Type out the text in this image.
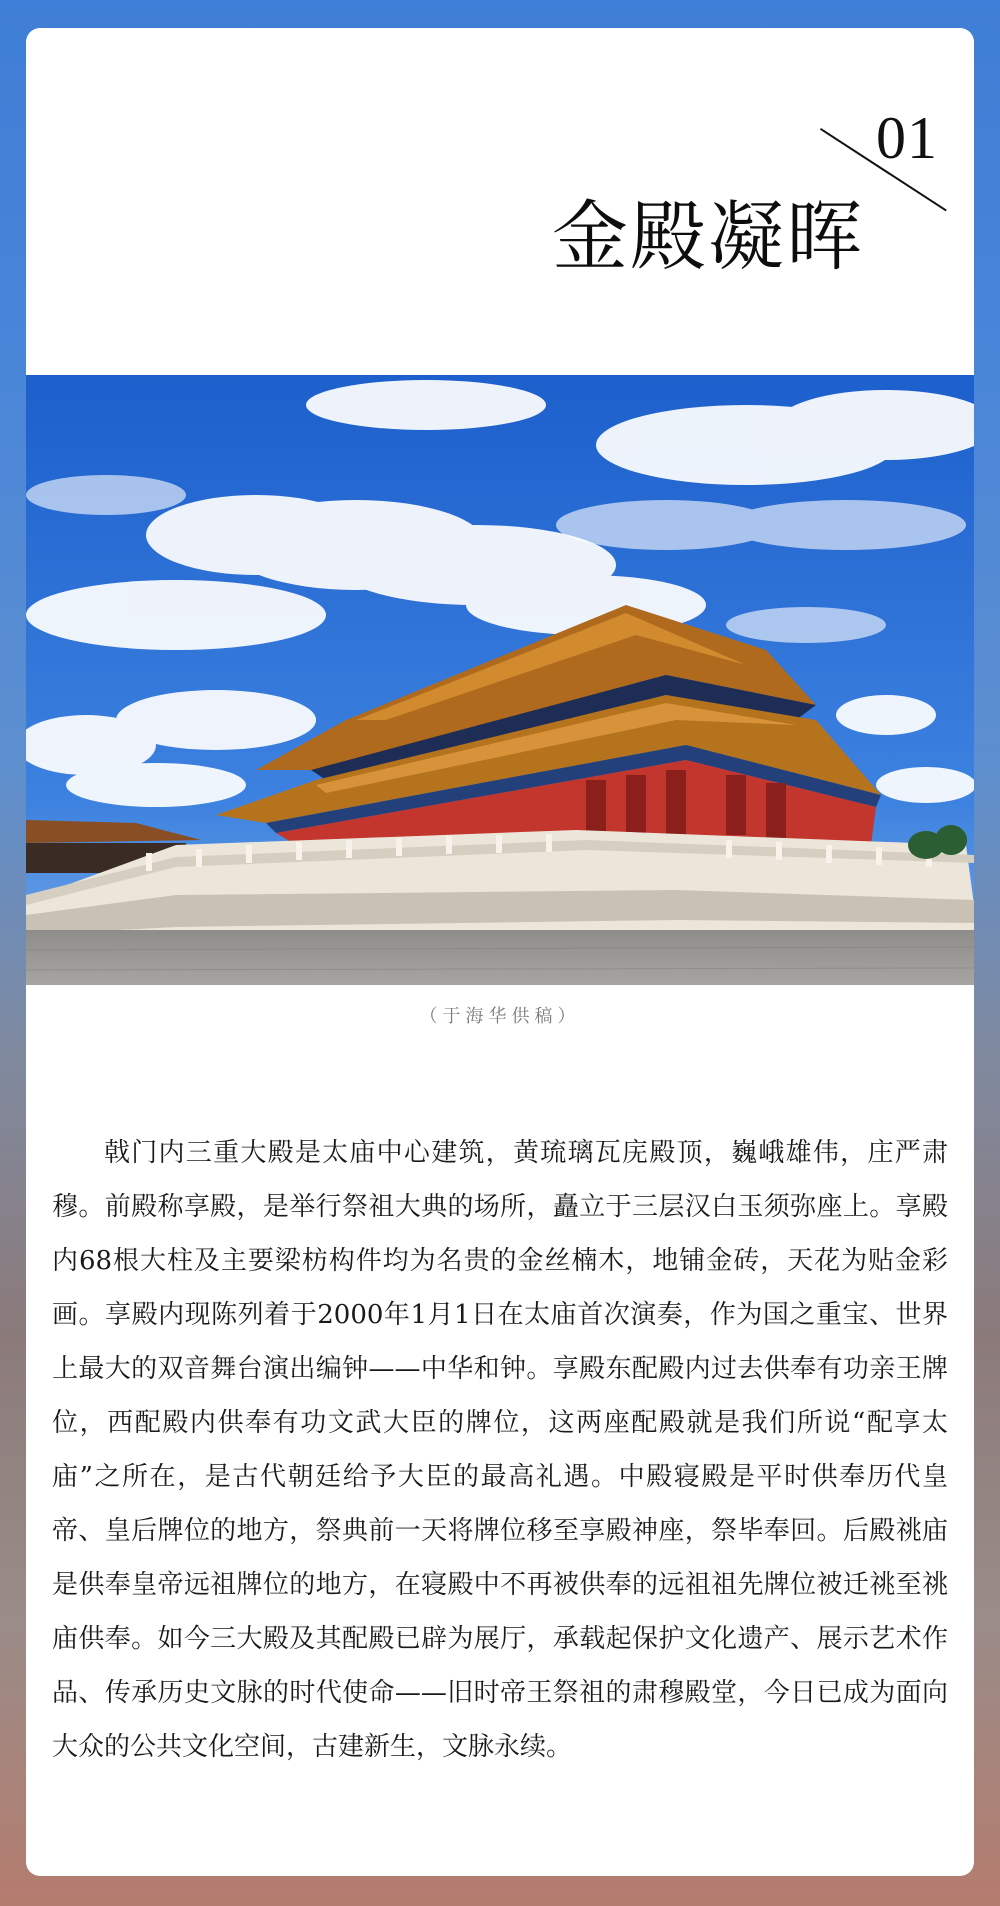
01
金殿凝晖
（于海华供稿）

戟门内三重大殿是太庙中心建筑，黄琉璃瓦庑殿顶，巍峨雄伟，庄严肃穆。前殿称享殿，是举行祭祖大典的场所，矗立于三层汉白玉须弥座上。享殿内68根大柱及主要梁枋构件均为名贵的金丝楠木，地铺金砖，天花为贴金彩画。享殿内现陈列着于2000年1月1日在太庙首次演奏，作为国之重宝、世界上最大的双音舞台演出编钟——中华和钟。享殿东配殿内过去供奉有功亲王牌位，西配殿内供奉有功文武大臣的牌位，这两座配殿就是我们所说“配享太庙”之所在，是古代朝廷给予大臣的最高礼遇。中殿寝殿是平时供奉历代皇帝、皇后牌位的地方，祭典前一天将牌位移至享殿神座，祭毕奉回。后殿祧庙是供奉皇帝远祖牌位的地方，在寝殿中不再被供奉的远祖祖先牌位被迁祧至祧庙供奉。如今三大殿及其配殿已辟为展厅，承载起保护文化遗产、展示艺术作品、传承历史文脉的时代使命——旧时帝王祭祖的肃穆殿堂，今日已成为面向大众的公共文化空间，古建新生，文脉永续。
